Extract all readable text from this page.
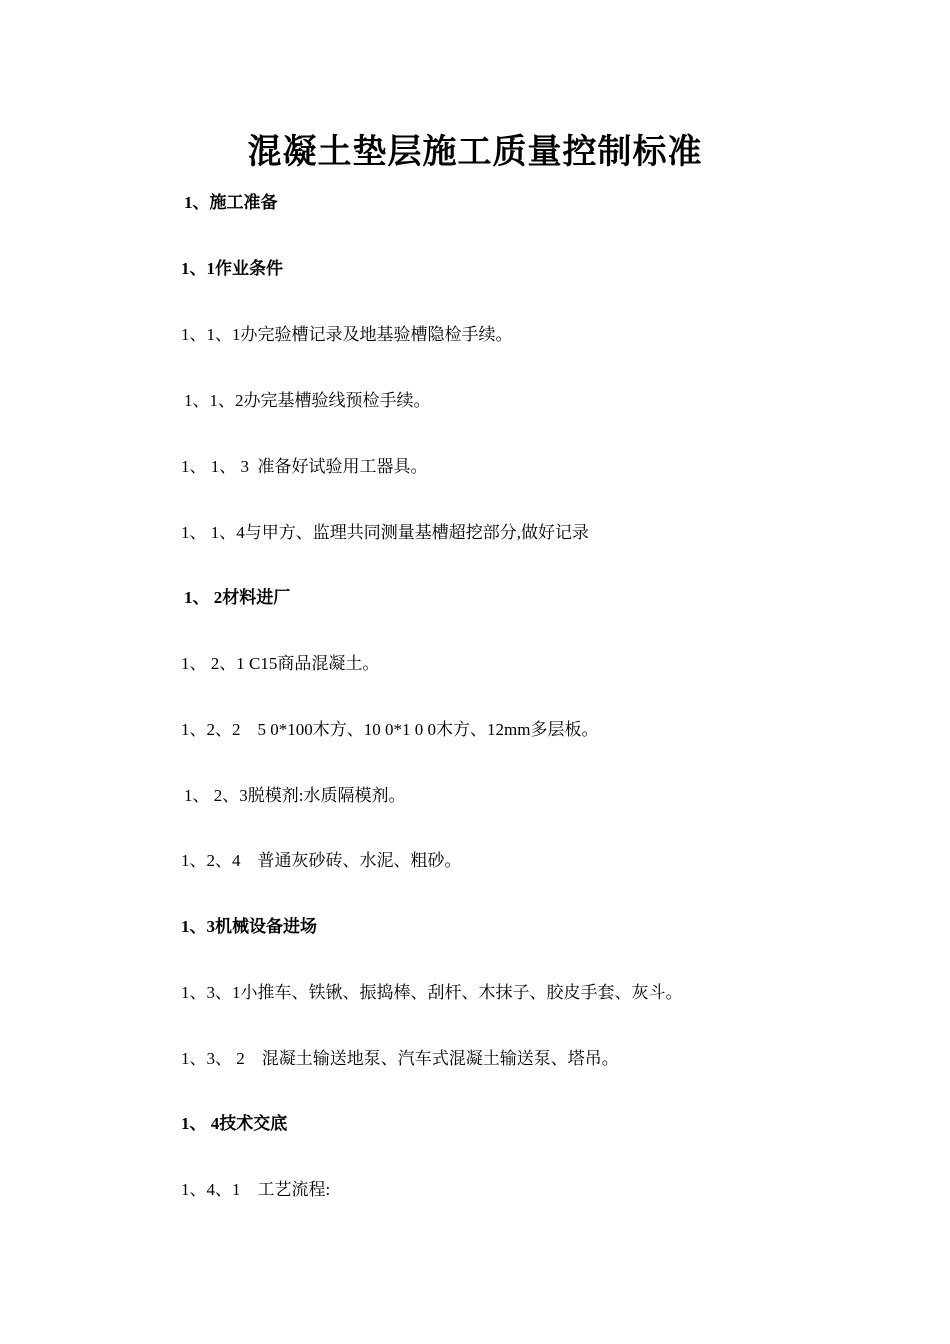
混凝土垫层施工质量控制标准

1、施工准备

1、1作业条件

1、1、1办完验槽记录及地基验槽隐检手续。

1、1、2办完基槽验线预检手续。

1、 1、 3  准备好试验用工器具。

1、 1、4与甲方、监理共同测量基槽超挖部分,做好记录

1、 2材料进厂

1、 2、1 C15商品混凝土。

1、2、2    5 0*100木方、10 0*1 0 0木方、12mm多层板。

1、 2、3脱模剂:水质隔模剂。

1、2、4    普通灰砂砖、水泥、粗砂。

1、3机械设备进场

1、3、1小推车、铁锹、振捣棒、刮杆、木抹子、胶皮手套、灰斗。

1、3、 2    混凝土输送地泵、汽车式混凝土输送泵、塔吊。

1、 4技术交底

1、4、1    工艺流程:
